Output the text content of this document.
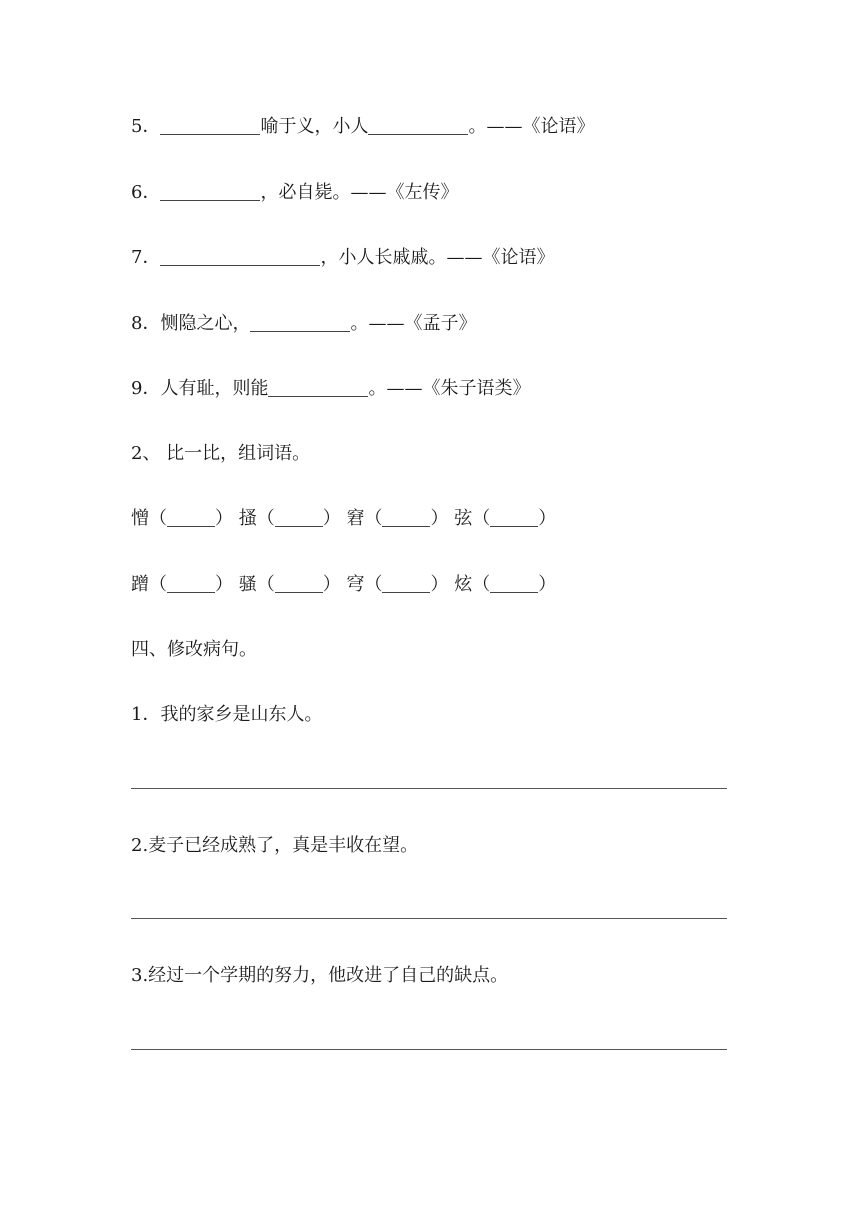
5．	喻于义，小人	。——《论语》
6．	，必自毙。——《左传》
7．	，小人长戚戚。——《论语》
8．恻隐之心，	。——《孟子》
9．人有耻，则能	。——《朱子语类》
2、 比一比，组词语。
憎（	） 搔（	） 窘（	） 弦（	）
蹭（	） 骚（	） 穹（	） 炫（	）
四、修改病句。
1．我的家乡是山东人。
2.麦子已经成熟了，真是丰收在望。
3.经过一个学期的努力，他改进了自己的缺点。
